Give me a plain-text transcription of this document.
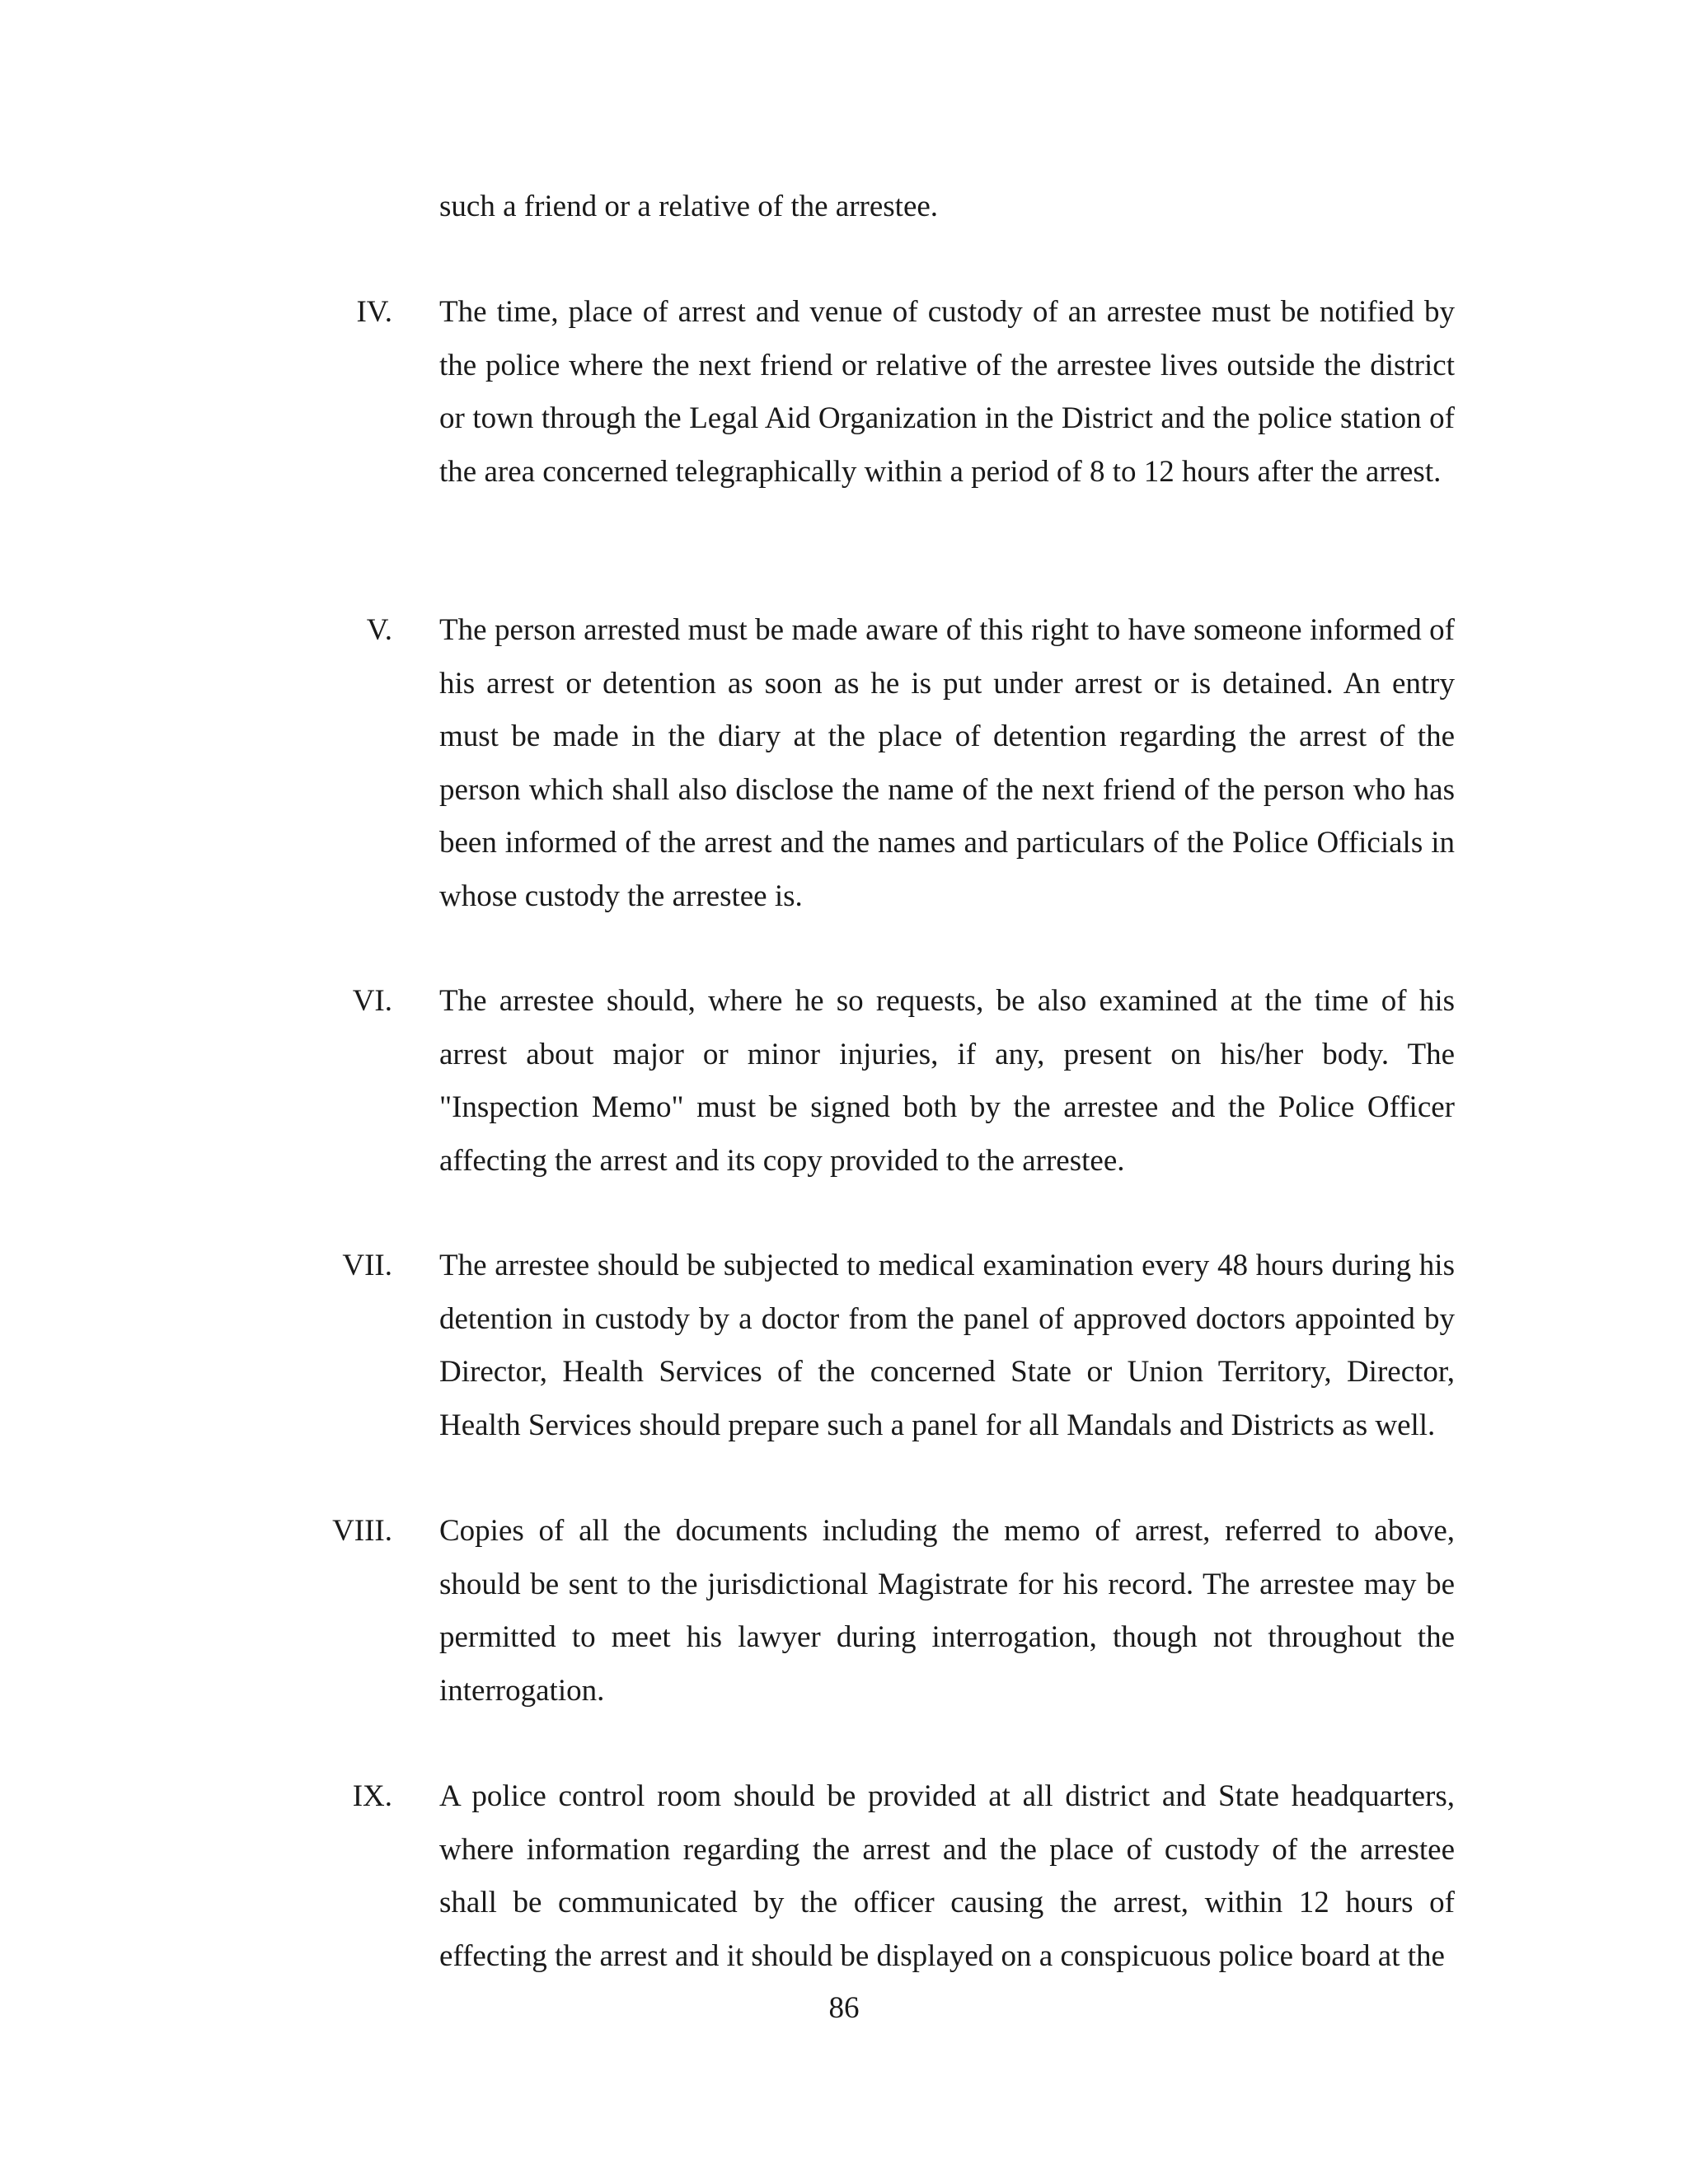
such a friend or a relative of the arrestee.
IV. The time, place of arrest and venue of custody of an arrestee must be notified by the police where the next friend or relative of the arrestee lives outside the district or town through the Legal Aid Organization in the District and the police station of the area concerned telegraphically within a period of 8 to 12 hours after the arrest.
V. The person arrested must be made aware of this right to have someone informed of his arrest or detention as soon as he is put under arrest or is detained. An entry must be made in the diary at the place of detention regarding the arrest of the person which shall also disclose the name of the next friend of the person who has been informed of the arrest and the names and particulars of the Police Officials in whose custody the arrestee is.
VI. The arrestee should, where he so requests, be also examined at the time of his arrest about major or minor injuries, if any, present on his/her body. The "Inspection Memo" must be signed both by the arrestee and the Police Officer affecting the arrest and its copy provided to the arrestee.
VII. The arrestee should be subjected to medical examination every 48 hours during his detention in custody by a doctor from the panel of approved doctors appointed by Director, Health Services of the concerned State or Union Territory, Director, Health Services should prepare such a panel for all Mandals and Districts as well.
VIII. Copies of all the documents including the memo of arrest, referred to above, should be sent to the jurisdictional Magistrate for his record. The arrestee may be permitted to meet his lawyer during interrogation, though not throughout the interrogation.
IX. A police control room should be provided at all district and State headquarters, where information regarding the arrest and the place of custody of the arrestee shall be communicated by the officer causing the arrest, within 12 hours of effecting the arrest and it should be displayed on a conspicuous police board at the
86
